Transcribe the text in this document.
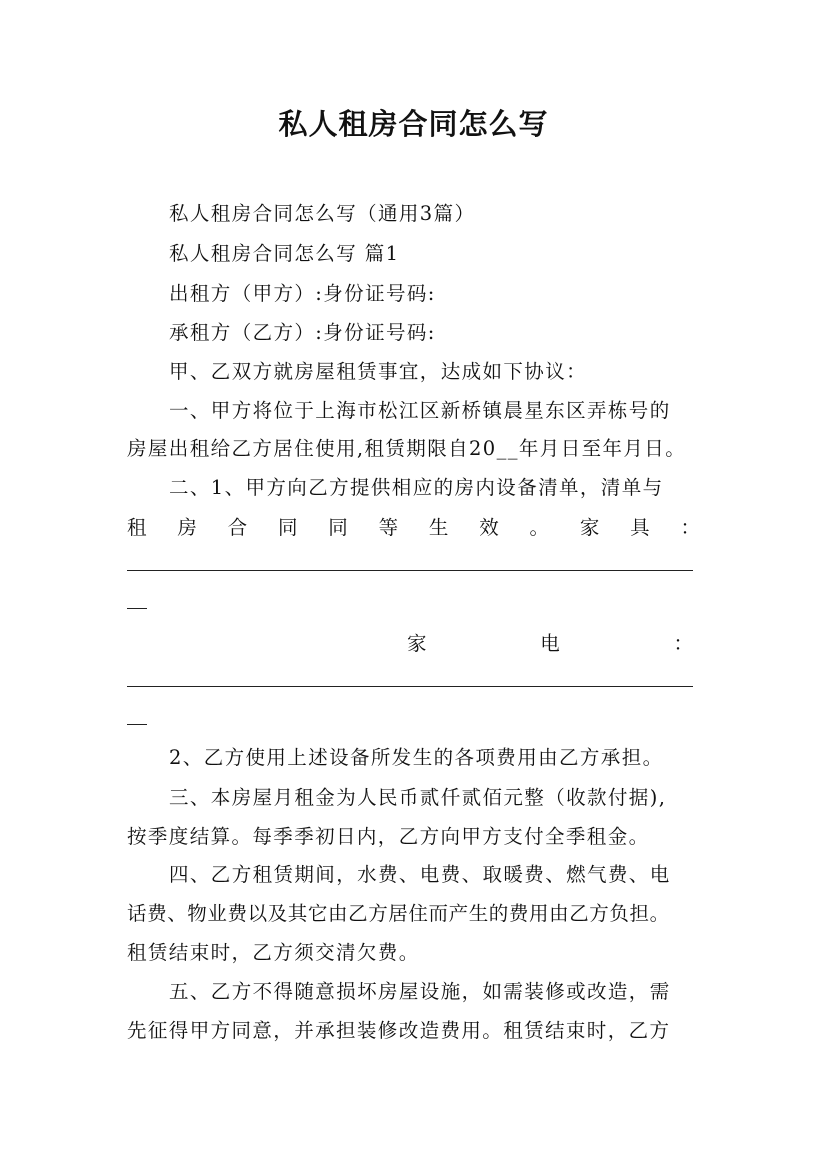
私人租房合同怎么写
私人租房合同怎么写（通用3篇）
私人租房合同怎么写 篇1
出租方（甲方）:身份证号码:
承租方（乙方）:身份证号码:
甲、乙双方就房屋租赁事宜，达成如下协议：
一、甲方将位于上海市松江区新桥镇晨星东区弄栋号的
房屋出租给乙方居住使用,租赁期限自20__年月日至年月日。
二、1、甲方向乙方提供相应的房内设备清单，清单与
租 房 合 同 同 等 生 效 。 家 具 ：
家	电	：
2、乙方使用上述设备所发生的各项费用由乙方承担。
三、本房屋月租金为人民币贰仟贰佰元整（收款付据),
按季度结算。每季季初日内，乙方向甲方支付全季租金。
四、乙方租赁期间，水费、电费、取暖费、燃气费、电
话费、物业费以及其它由乙方居住而产生的费用由乙方负担。
租赁结束时，乙方须交清欠费。
五、乙方不得随意损坏房屋设施，如需装修或改造，需
先征得甲方同意，并承担装修改造费用。租赁结束时，乙方
